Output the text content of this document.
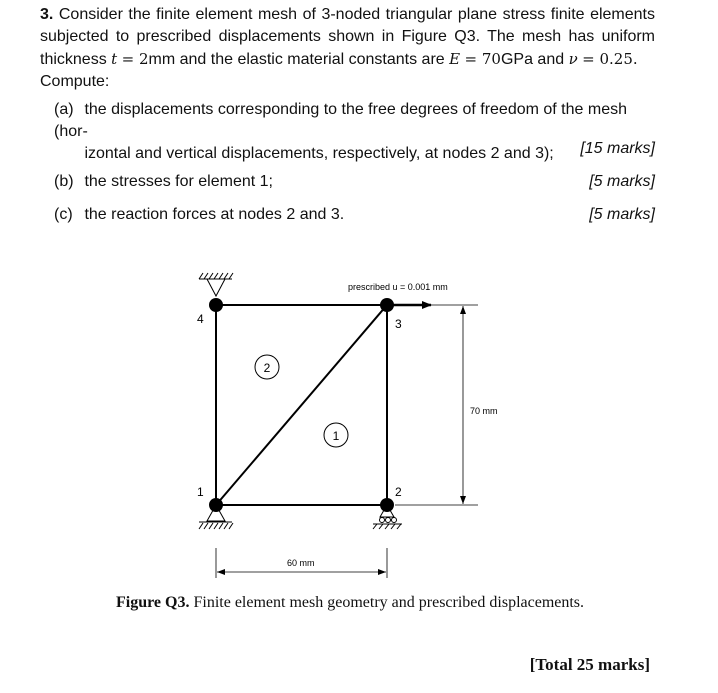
3. Consider the finite element mesh of 3-noded triangular plane stress finite elements subjected to prescribed displacements shown in Figure Q3. The mesh has uniform thickness t = 2mm and the elastic material constants are E = 70GPa and ν = 0.25.
Compute:
(a) the displacements corresponding to the free degrees of freedom of the mesh (hor-
izontal and vertical displacements, respectively, at nodes 2 and 3);	[15 marks]
(b) the stresses for element 1;	[5 marks]
(c) the reaction forces at nodes 2 and 3.	[5 marks]
4	3
1	2
2
1
prescribed u = 0.001 mm
70 mm
60 mm
Figure Q3. Finite element mesh geometry and prescribed displacements.
[Total 25 marks]
